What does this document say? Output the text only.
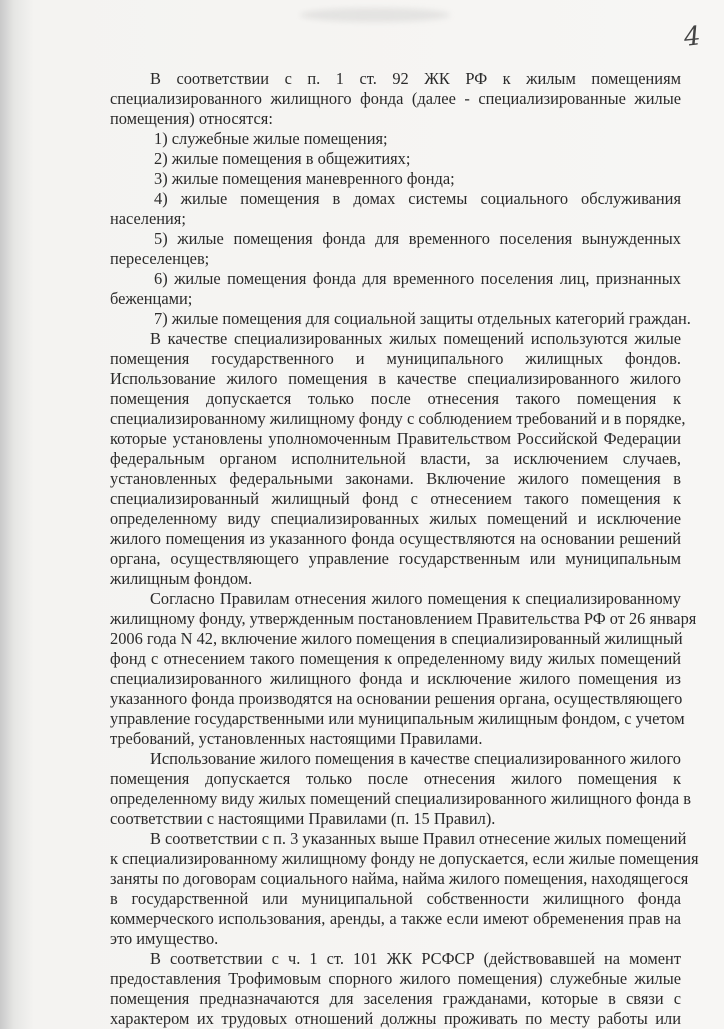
4
В соответствии с п. 1 ст. 92 ЖК РФ к жилым помещениям
специализированного жилищного фонда (далее - специализированные жилые
помещения) относятся:
1) служебные жилые помещения;
2) жилые помещения в общежитиях;
3) жилые помещения маневренного фонда;
4) жилые помещения в домах системы социального обслуживания
населения;
5) жилые помещения фонда для временного поселения вынужденных
переселенцев;
6) жилые помещения фонда для временного поселения лиц, признанных
беженцами;
7) жилые помещения для социальной защиты отдельных категорий граждан.
В качестве специализированных жилых помещений используются жилые
помещения государственного и муниципального жилищных фондов.
Использование жилого помещения в качестве специализированного жилого
помещения допускается только после отнесения такого помещения к
специализированному жилищному фонду с соблюдением требований и в порядке,
которые установлены уполномоченным Правительством Российской Федерации
федеральным органом исполнительной власти, за исключением случаев,
установленных федеральными законами. Включение жилого помещения в
специализированный жилищный фонд с отнесением такого помещения к
определенному виду специализированных жилых помещений и исключение
жилого помещения из указанного фонда осуществляются на основании решений
органа, осуществляющего управление государственным или муниципальным
жилищным фондом.
Согласно Правилам отнесения жилого помещения к специализированному
жилищному фонду, утвержденным постановлением Правительства РФ от 26 января
2006 года N 42, включение жилого помещения в специализированный жилищный
фонд с отнесением такого помещения к определенному виду жилых помещений
специализированного жилищного фонда и исключение жилого помещения из
указанного фонда производятся на основании решения органа, осуществляющего
управление государственными или муниципальным жилищным фондом, с учетом
требований, установленных настоящими Правилами.
Использование жилого помещения в качестве специализированного жилого
помещения допускается только после отнесения жилого помещения к
определенному виду жилых помещений специализированного жилищного фонда в
соответствии с настоящими Правилами (п. 15 Правил).
В соответствии с п. 3 указанных выше Правил отнесение жилых помещений
к специализированному жилищному фонду не допускается, если жилые помещения
заняты по договорам социального найма, найма жилого помещения, находящегося
в государственной или муниципальной собственности жилищного фонда
коммерческого использования, аренды, а также если имеют обременения прав на
это имущество.
В соответствии с ч. 1 ст. 101 ЖК РСФСР (действовавшей на момент
предоставления Трофимовым спорного жилого помещения) служебные жилые
помещения предназначаются для заселения гражданами, которые в связи с
характером их трудовых отношений должны проживать по месту работы или
